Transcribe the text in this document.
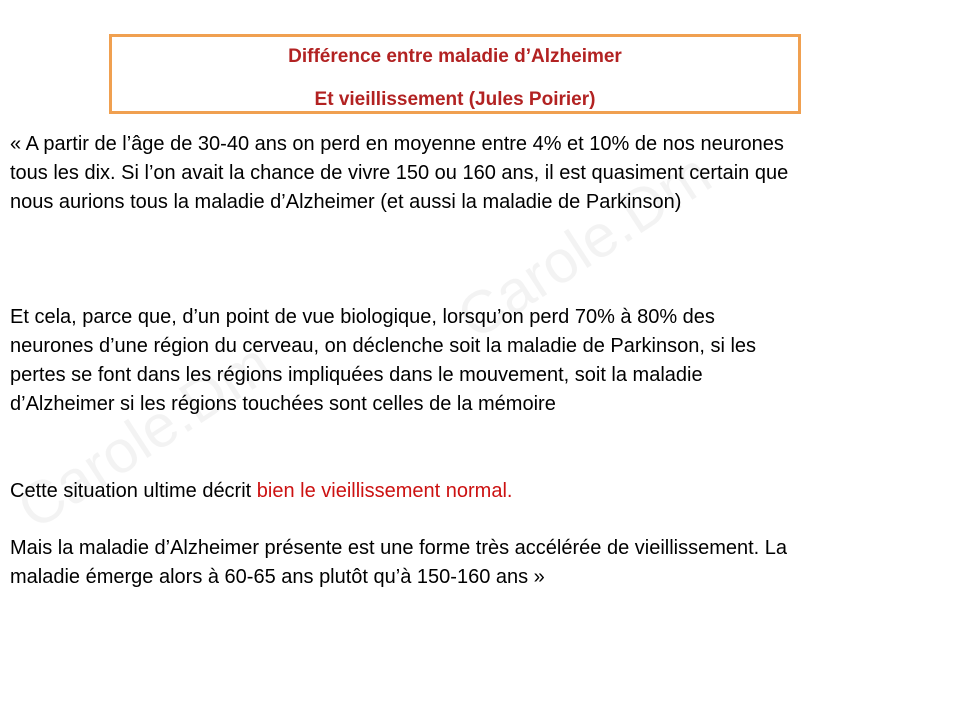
Différence entre maladie d’Alzheimer
Et vieillissement (Jules Poirier)

« A partir de l’âge de 30-40 ans on perd en moyenne entre 4% et 10% de nos neurones
tous les dix. Si l’on avait la chance de vivre 150 ou 160 ans, il est quasiment certain que
nous aurions tous la maladie d’Alzheimer (et aussi la maladie de Parkinson)

Et cela, parce que, d’un point de vue biologique, lorsqu’on perd 70% à 80% des
neurones d’une région du cerveau, on déclenche soit la maladie de Parkinson, si les
pertes se font dans les régions impliquées dans le mouvement, soit la maladie
d’Alzheimer si les régions touchées sont celles de la mémoire

Cette situation ultime décrit bien le vieillissement normal.

Mais la maladie d’Alzheimer présente est une forme très accélérée de vieillissement. La
maladie émerge alors à 60-65 ans plutôt qu’à 150-160 ans »
